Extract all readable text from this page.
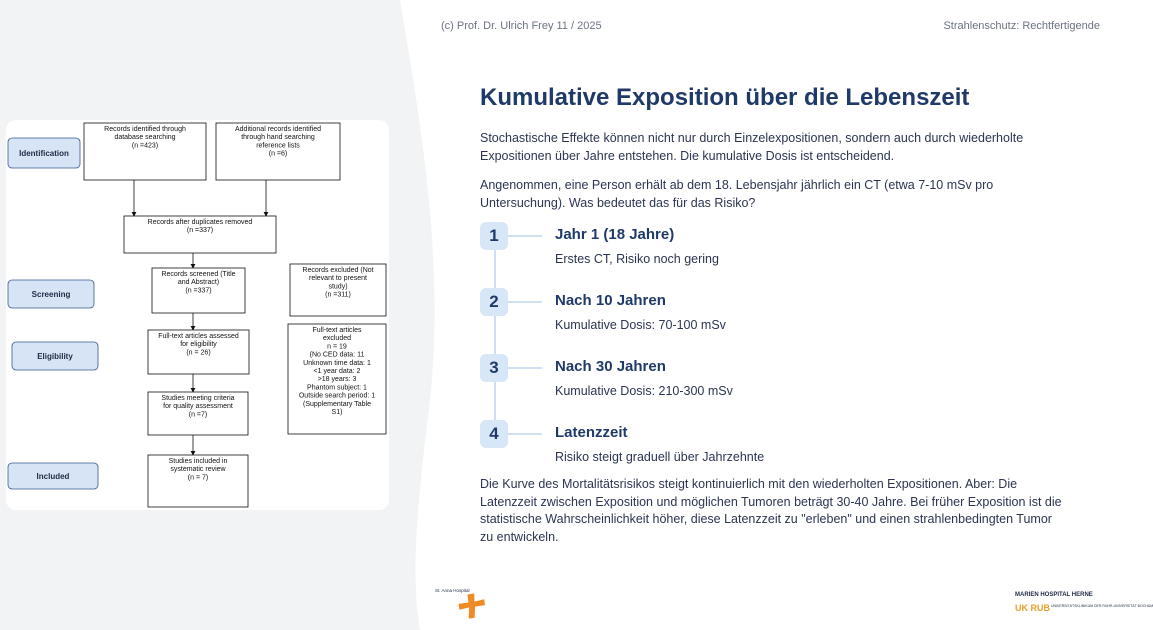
(c) Prof. Dr. Ulrich Frey 11 / 2025	Strahlenschutz: Rechtfertigende
Kumulative Exposition über die Lebenszeit

Stochastische Effekte können nicht nur durch Einzelexpositionen, sondern auch durch wiederholte Expositionen über Jahre entstehen. Die kumulative Dosis ist entscheidend.

Angenommen, eine Person erhält ab dem 18. Lebensjahr jährlich ein CT (etwa 7-10 mSv pro Untersuchung). Was bedeutet das für das Risiko?

1	Jahr 1 (18 Jahre)
Erstes CT, Risiko noch gering
2	Nach 10 Jahren
Kumulative Dosis: 70-100 mSv
3	Nach 30 Jahren
Kumulative Dosis: 210-300 mSv
4	Latenzzeit
Risiko steigt graduell über Jahrzehnte

Die Kurve des Mortalitätsrisikos steigt kontinuierlich mit den wiederholten Expositionen. Aber: Die Latenzzeit zwischen Exposition und möglichen Tumoren beträgt 30-40 Jahre. Bei früher Exposition ist die statistische Wahrscheinlichkeit höher, diese Latenzzeit zu "erleben" und einen strahlenbedingten Tumor zu entwickeln.

Identification
Screening
Eligibility
Included
Records identified through
database searching
(n =423)
Additional records identified
through hand searching
reference lists
(n =6)
Records after duplicates removed
(n =337)
Records screened (Title
and Abstract)
(n =337)
Records excluded (Not
relevant to present
study)
(n =311)
Full-text articles assessed
for eligibility
(n = 26)
Full-text articles
excluded
n = 19
(No CED data: 11
Unknown time data: 1
<1 year data: 2
>18 years: 3
Phantom subject: 1
Outside search period: 1
(Supplementary Table
S1)
Studies meeting criteria
for quality assessment
(n =7)
Studies included in
systematic review
(n = 7)
St. Anna Hospital
MARIEN HOSPITAL HERNE
UK RUB UNIVERSITÄTSKLINIKUM DER RUHR-UNIVERSITÄT BOCHUM
